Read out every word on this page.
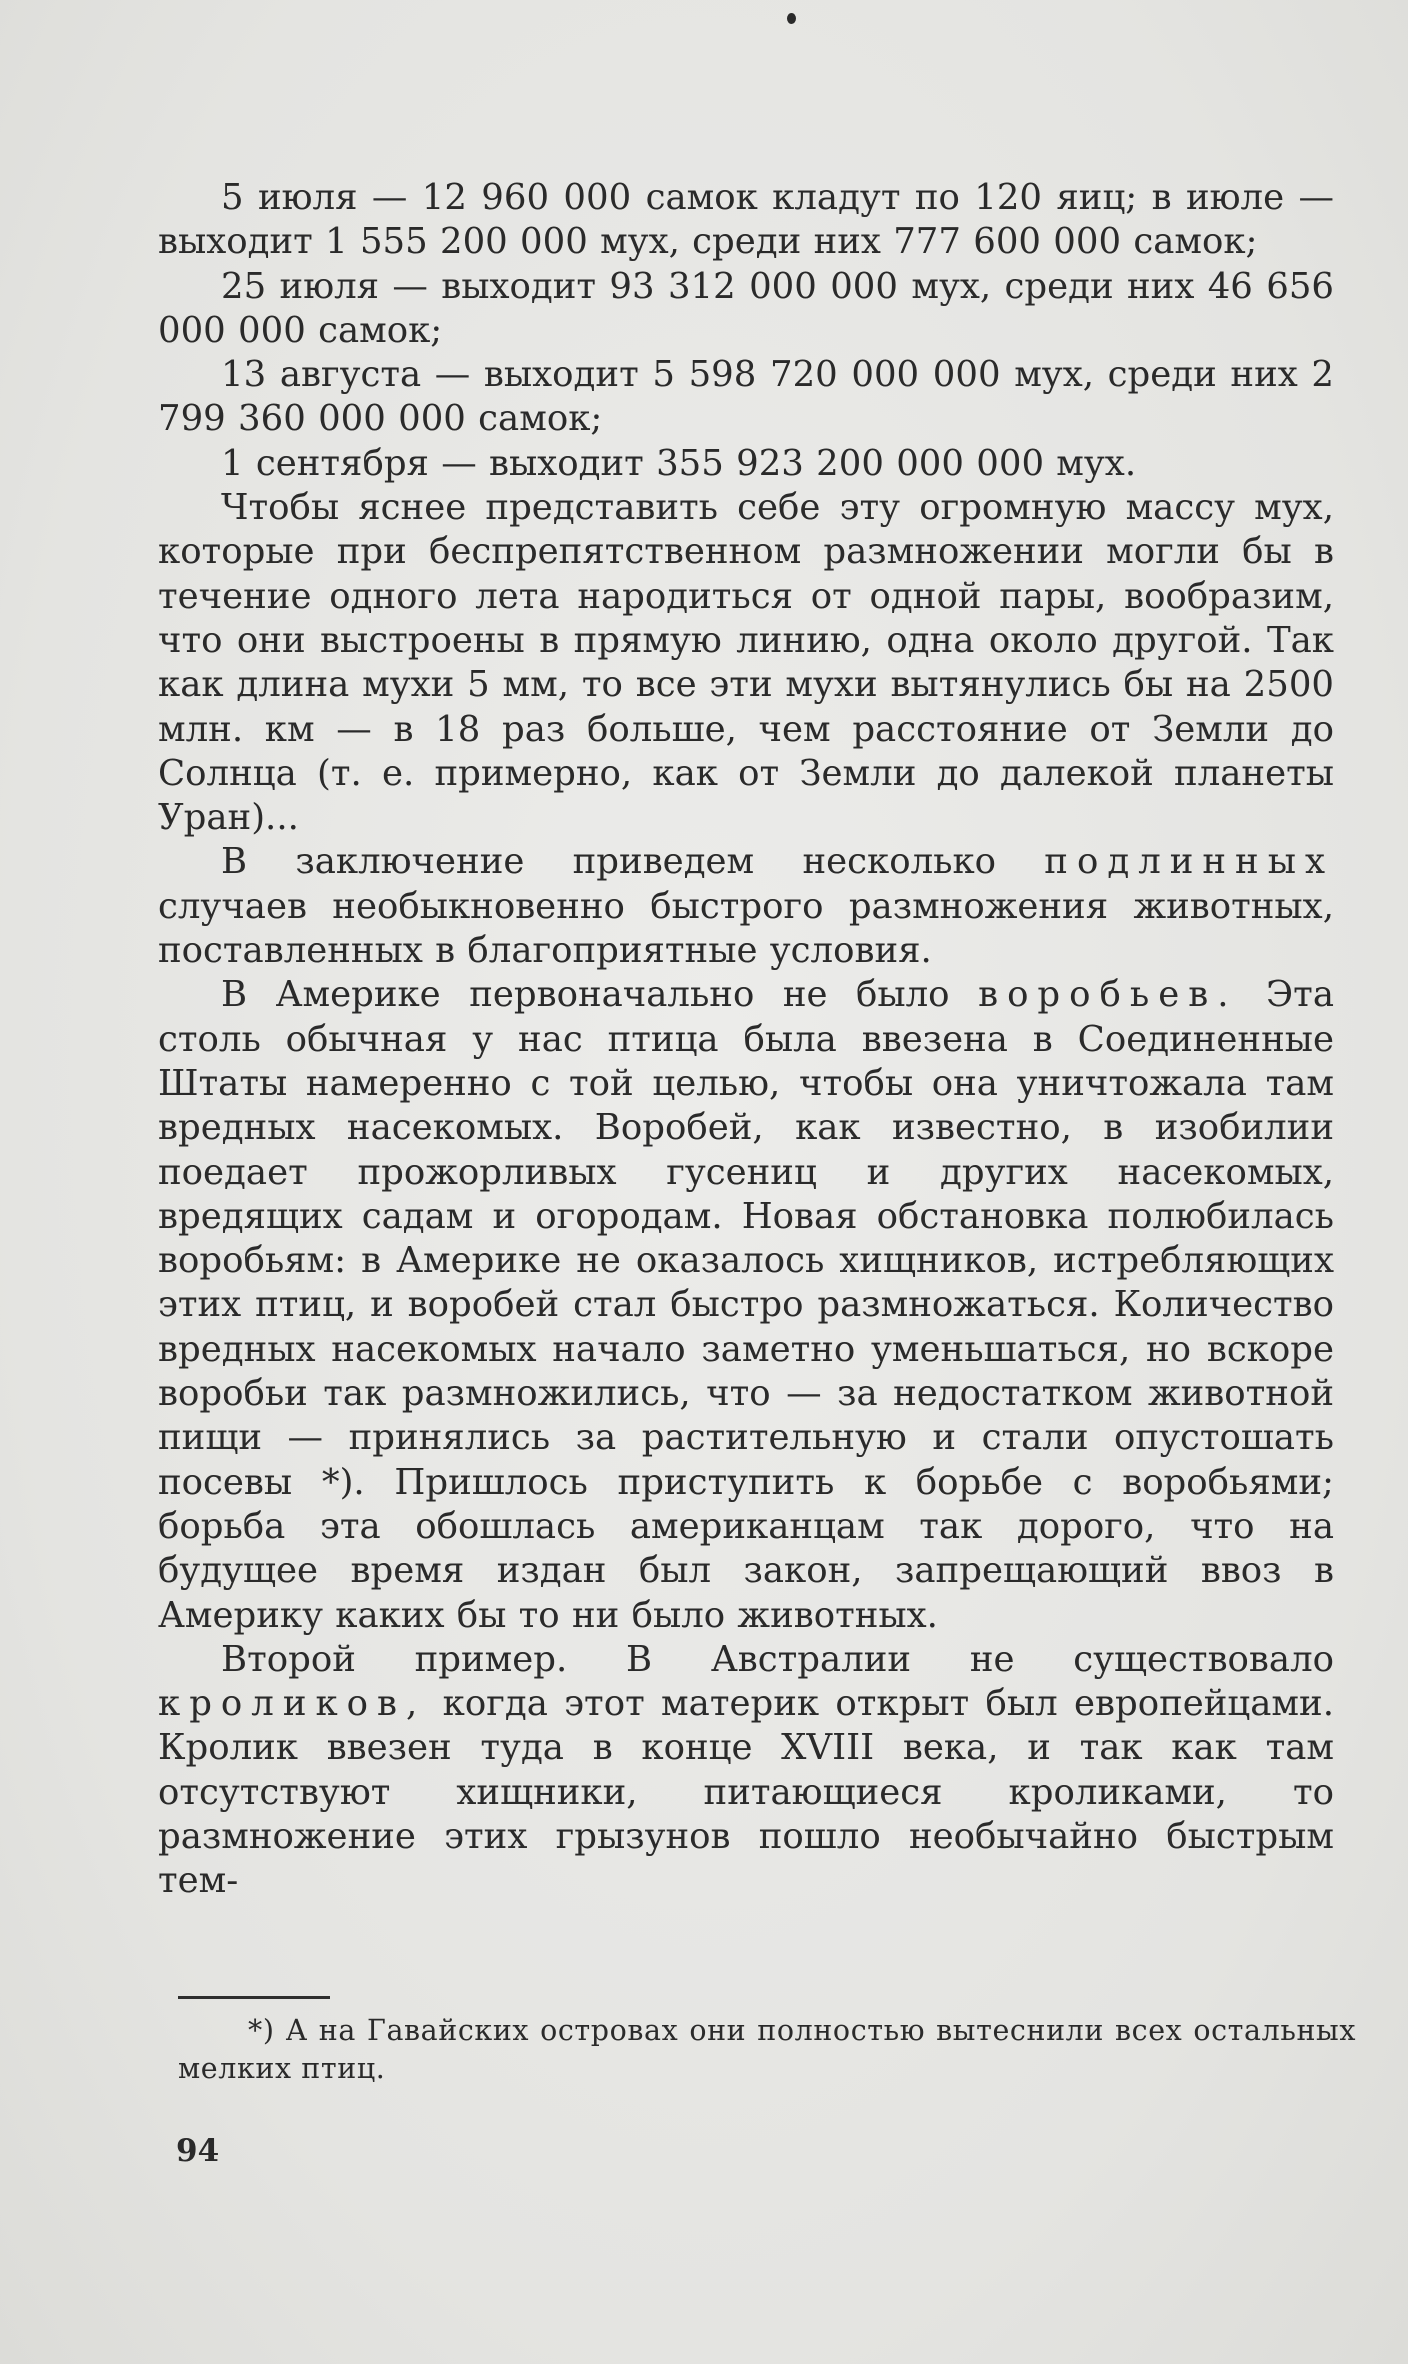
5 июля — 12 960 000 самок кладут по 120 яиц; в июле — выходит 1 555 200 000 мух, среди них 777 600 000 самок;

25 июля — выходит 93 312 000 000 мух, среди них 46 656 000 000 самок;

13 августа — выходит 5 598 720 000 000 мух, среди них 2 799 360 000 000 самок;

1 сентября — выходит 355 923 200 000 000 мух.

Чтобы яснее представить себе эту огромную массу мух, которые при беспрепятственном размножении могли бы в течение одного лета народиться от одной пары, вообразим, что они выстроены в прямую линию, одна около другой. Так как длина мухи 5 мм, то все эти мухи вытянулись бы на 2500 млн. км — в 18 раз больше, чем расстояние от Земли до Солнца (т. е. примерно, как от Земли до далекой планеты Уран)...

В заключение приведем несколько подлинных случаев необыкновенно быстрого размножения животных, поставленных в благоприятные условия.

В Америке первоначально не было воробьев. Эта столь обычная у нас птица была ввезена в Соединенные Штаты намеренно с той целью, чтобы она уничтожала там вредных насекомых. Воробей, как известно, в изобилии поедает прожорливых гусениц и других насекомых, вредящих садам и огородам. Новая обстановка полюбилась воробьям: в Америке не оказалось хищников, истребляющих этих птиц, и воробей стал быстро размножаться. Количество вредных насекомых начало заметно уменьшаться, но вскоре воробьи так размножились, что — за недостатком животной пищи — принялись за растительную и стали опустошать посевы *). Пришлось приступить к борьбе с воробьями; борьба эта обошлась американцам так дорого, что на будущее время издан был закон, запрещающий ввоз в Америку каких бы то ни было животных.

Второй пример. В Австралии не существовало кроликов, когда этот материк открыт был европейцами. Кролик ввезен туда в конце XVIII века, и так как там отсутствуют хищники, питающиеся кроликами, то размножение этих грызунов пошло необычайно быстрым тем-

*) А на Гавайских островах они полностью вытеснили всех остальных мелких птиц.
94
